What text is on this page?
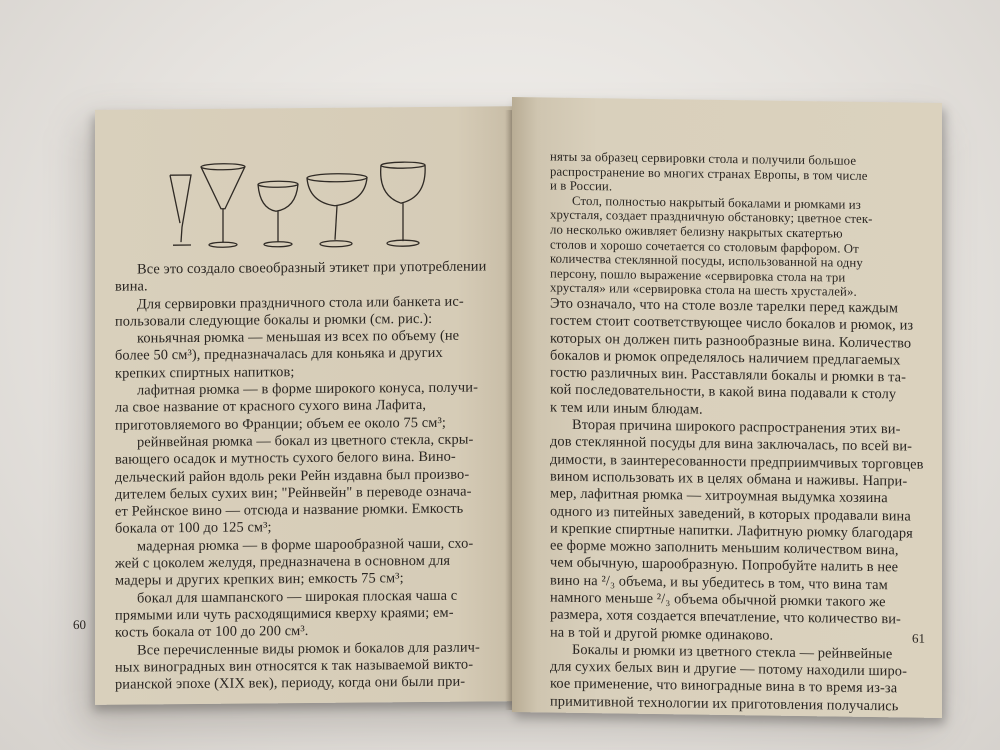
Все это создало своеобразный этикет при употреблении

вина.

Для сервировки праздничного стола или банкета ис-

пользовали следующие бокалы и рюмки (см. рис.):

коньячная рюмка — меньшая из всех по объему (не

более 50 см³), предназначалась для коньяка и других

крепких спиртных напитков;

лафитная рюмка — в форме широкого конуса, получи-

ла свое название от красного сухого вина Лафита,

приготовляемого во Франции; объем ее около 75 см³;

рейнвейная рюмка — бокал из цветного стекла, скры-

вающего осадок и мутность сухого белого вина. Вино-

дельческий район вдоль реки Рейн издавна был произво-

дителем белых сухих вин; "Рейнвейн" в переводе означа-

ет Рейнское вино — отсюда и название рюмки. Емкость

бокала от 100 до 125 см³;

мадерная рюмка — в форме шарообразной чаши, схо-

жей с цоколем желудя, предназначена в основном для

мадеры и других крепких вин; емкость 75 см³;

бокал для шампанского — широкая плоская чаша с

прямыми или чуть расходящимися кверху краями; ем-

кость бокала от 100 до 200 см³.

Все перечисленные виды рюмок и бокалов для различ-

ных виноградных вин относятся к так называемой викто-

рианской эпохе (XIX век), периоду, когда они были при-

60

няты за образец сервировки стола и получили большое

распространение во многих странах Европы, в том числе

и в России.

Стол, полностью накрытый бокалами и рюмками из

хрусталя, создает праздничную обстановку; цветное стек-

ло несколько оживляет белизну накрытых скатертью

столов и хорошо сочетается со столовым фарфором. От

количества стеклянной посуды, использованной на одну

персону, пошло выражение «сервировка стола на три

хрусталя» или «сервировка стола на шесть хрусталей».

Это означало, что на столе возле тарелки перед каждым

гостем стоит соответствующее число бокалов и рюмок, из

которых он должен пить разнообразные вина. Количество

бокалов и рюмок определялось наличием предлагаемых

гостю различных вин. Расставляли бокалы и рюмки в та-

кой последовательности, в какой вина подавали к столу

к тем или иным блюдам.

Вторая причина широкого распространения этих ви-

дов стеклянной посуды для вина заключалась, по всей ви-

димости, в заинтересованности предприимчивых торговцев

вином использовать их в целях обмана и наживы. Напри-

мер, лафитная рюмка — хитроумная выдумка хозяина

одного из питейных заведений, в которых продавали вина

и крепкие спиртные напитки. Лафитную рюмку благодаря

ее форме можно заполнить меньшим количеством вина,

чем обычную, шарообразную. Попробуйте налить в нее

вино на ²/₃ объема, и вы убедитесь в том, что вина там

намного меньше ²/₃ объема обычной рюмки такого же

размера, хотя создается впечатление, что количество ви-

на в той и другой рюмке одинаково.

Бокалы и рюмки из цветного стекла — рейнвейные

для сухих белых вин и другие — потому находили широ-

кое применение, что виноградные вина в то время из-за

примитивной технологии их приготовления получались

61
